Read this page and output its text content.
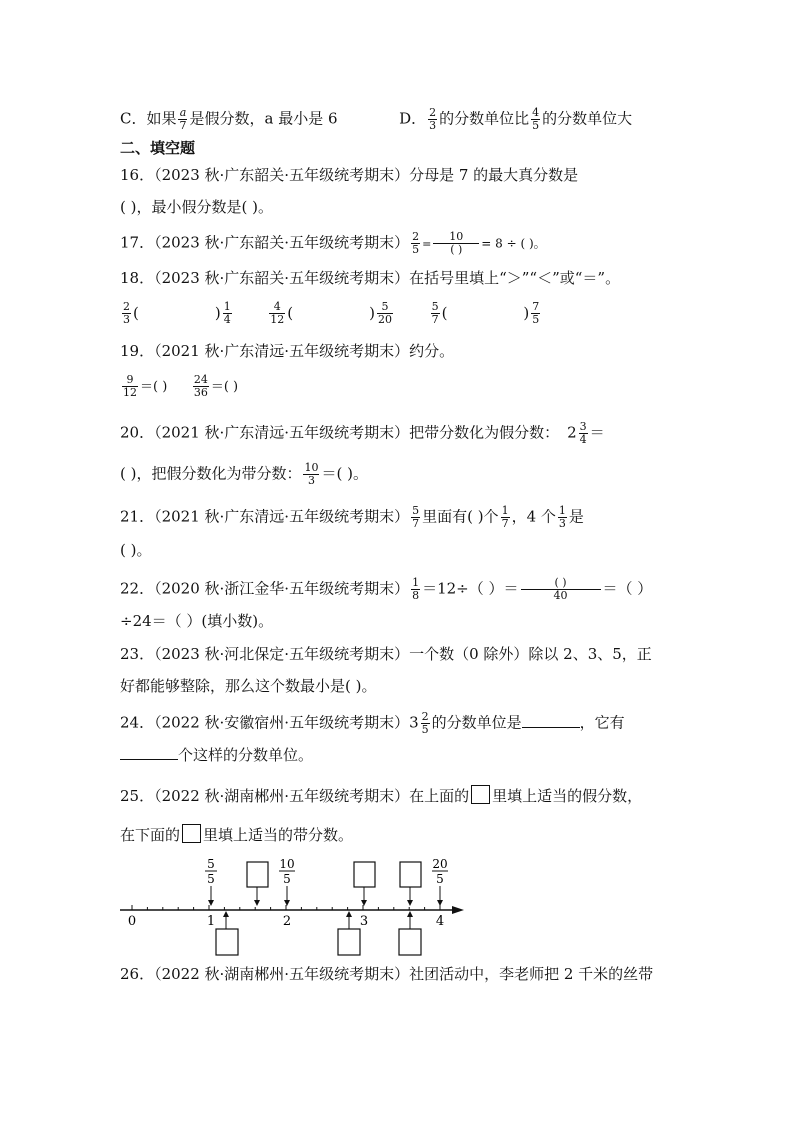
C．如果 $\frac{a}{7}$ 是假分数，a 最小是 6	D． $\frac{2}{3}$ 的分数单位比 $\frac{4}{5}$ 的分数单位大
二、填空题
16．（2023 秋·广东韶关·五年级统考期末）分母是 7 的最大真分数是
( )，最小假分数是( )。
17．（2023 秋·广东韶关·五年级统考期末） $\frac{2}{5} = \frac{10}{( )} = 8$ ÷ ( )。
18．（2023 秋·广东韶关·五年级统考期末）在括号里填上“＞”“＜”或“＝”。
$\frac{2}{3}$ (	) $\frac{1}{4}$
	$\frac{4}{12}$ (	) $\frac{5}{20}$
	$\frac{5}{7}$ (	) $\frac{7}{5}$
19．（2021 秋·广东清远·五年级统考期末）约分。
$\frac{9}{12}$ ＝( ) $\frac{24}{36}$ ＝( )
20．（2021 秋·广东清远·五年级统考期末）把带分数化为假分数： $2 \frac{3}{4}$ ＝
( )，把假分数化为带分数： $\frac{10}{3}$ ＝( )。
21．（2021 秋·广东清远·五年级统考期末） $\frac{5}{7}$ 里面有( )个 $\frac{1}{7}$ ，4 个 $\frac{1}{3}$ 是
( )。
22．（2020 秋·浙江金华·五年级统考期末） $\frac{1}{8} =12\div$（ ）＝ $\frac{( )}{40}$ ＝（ ）
÷24＝（ ）(填小数)。
23．（2023 秋·河北保定·五年级统考期末）一个数（0 除外）除以 2、3、5，正
好都能够整除，那么这个数最小是( )。
24．（2022 秋·安徽宿州·五年级统考期末）$3 \frac{2}{5}$ 的分数单位是	，它有
个这样的分数单位。
25．（2022 秋·湖南郴州·五年级统考期末）在上面的 里填上适当的假分数，
在下面的 里填上适当的带分数。
0	1	2	3	4
5
5
10
5
20
5
26．（2022 秋·湖南郴州·五年级统考期末）社团活动中，李老师把 2 千米的丝带
